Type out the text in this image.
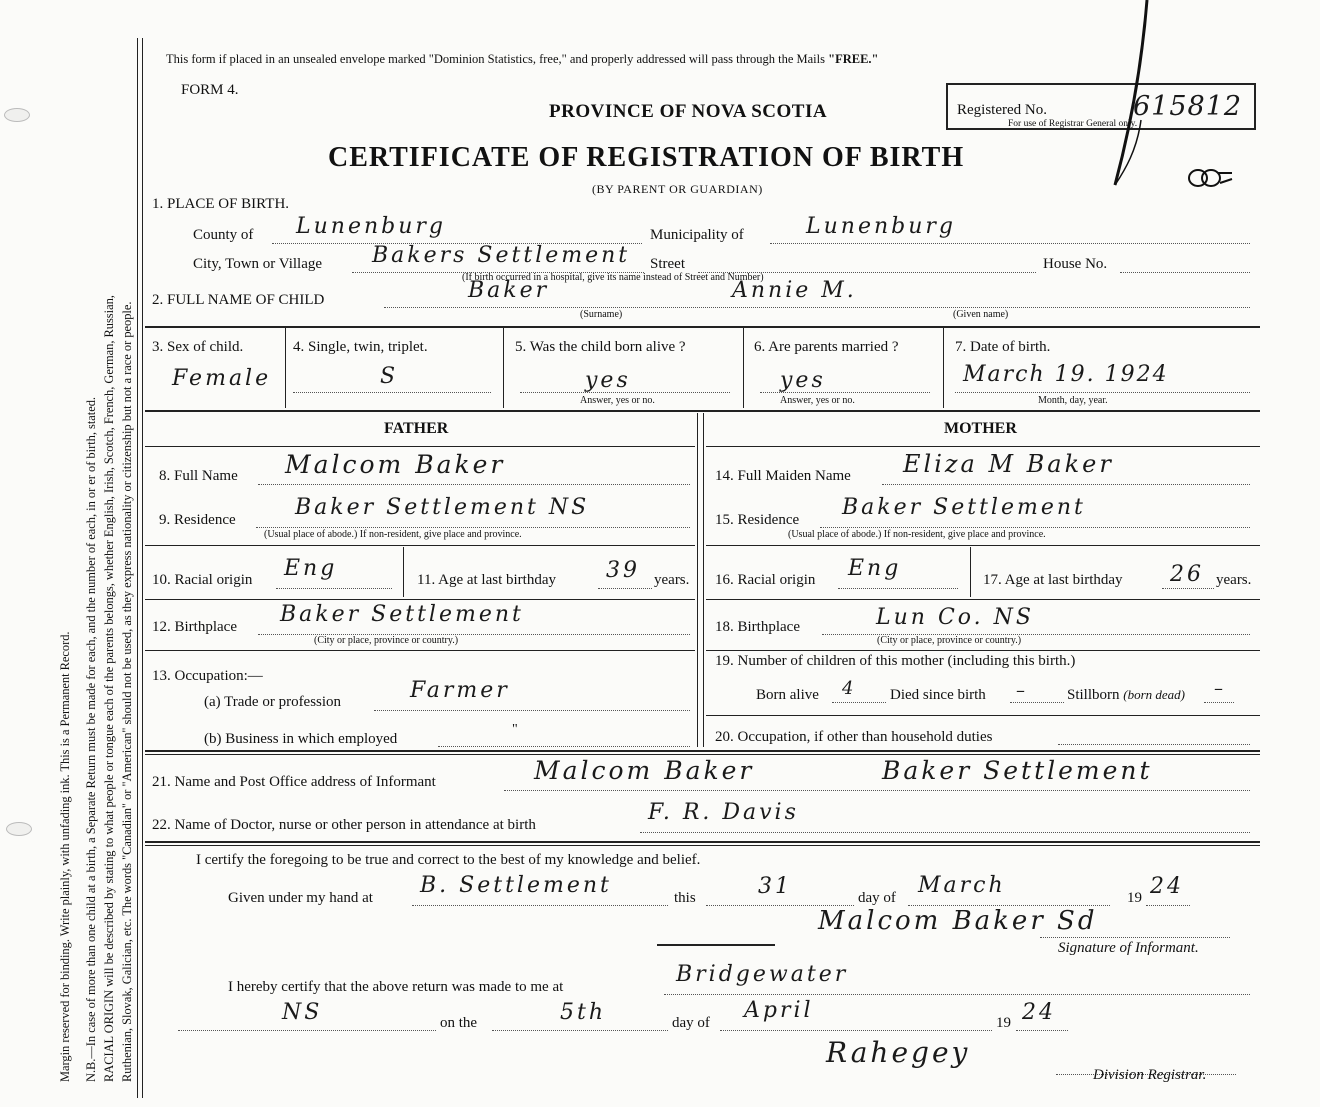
Margin reserved for binding. Write plainly, with unfading ink. This is a Permanent Record. N.B.—In case of more than one child at a birth, a Separate Return must be made for each, and the number of each, in or er of birth, stated. RACIAL ORIGIN will be described by stating to what people or tongue each of the parents belongs, whether English, Irish, Scotch, French, German, Russian, Ruthenian, Slovak, Galician, etc. The words "Canadian" or "American" should not be used, as they express nationality or citizenship but not a race or people.
This form if placed in an unsealed envelope marked "Dominion Statistics, free," and properly addressed will pass through the Mails "FREE."
FORM 4.
PROVINCE OF NOVA SCOTIA
CERTIFICATE OF REGISTRATION OF BIRTH
(BY PARENT OR GUARDIAN)
Registered No.	615812
For use of Registrar General only.
1. PLACE OF BIRTH.
County of Lunenburg	Municipality of	Lunenburg
City, Town or Village Bakers Settlement Street	House No.
(If birth occurred in a hospital, give its name instead of Street and Number)
2. FULL NAME OF CHILD	Baker	Annie M.
(Surname)	(Given name)
3. Sex of child.
Female
4. Single, twin, triplet.
S
5. Was the child born alive ?
yes
Answer, yes or no.
6. Are parents married ?
yes
Answer, yes or no.
7. Date of birth.
March 19. 1924
Month, day, year.
FATHER	MOTHER
8. Full Name Malcom Baker	14. Full Maiden Name Eliza M Baker
9. Residence	Baker Settlement NS
(Usual place of abode.) If non-resident, give place and province.
15. Residence Baker Settlement
(Usual place of abode.) If non-resident, give place and province.
10. Racial origin Eng	11. Age at last birthday 39 years. 16. Racial origin Eng	17. Age at last birthday 26 years.
12. Birthplace Baker Settlement
(City or place, province or country.)
18. Birthplace	Lun Co. NS
(City or place, province or country.)
13. Occupation:—
(a) Trade or profession	Farmer
(b) Business in which employed
"
19. Number of children of this mother (including this birth.)
Born alive 4 Died since birth –	Stillborn (born dead) –
20. Occupation, if other than household duties
21. Name and Post Office address of Informant	Malcom Baker	Baker Settlement
22. Name of Doctor, nurse or other person in attendance at birth	F. R. Davis
I certify the foregoing to be true and correct to the best of my knowledge and belief.
Given under my hand at B. Settlement	this	31	day of March	19 24
Malcom Baker Sd
Signature of Informant.
I hereby certify that the above return was made to me at	Bridgewater
NS	on the	5th	day of April	19 24
Rahegey
Division Registrar.
